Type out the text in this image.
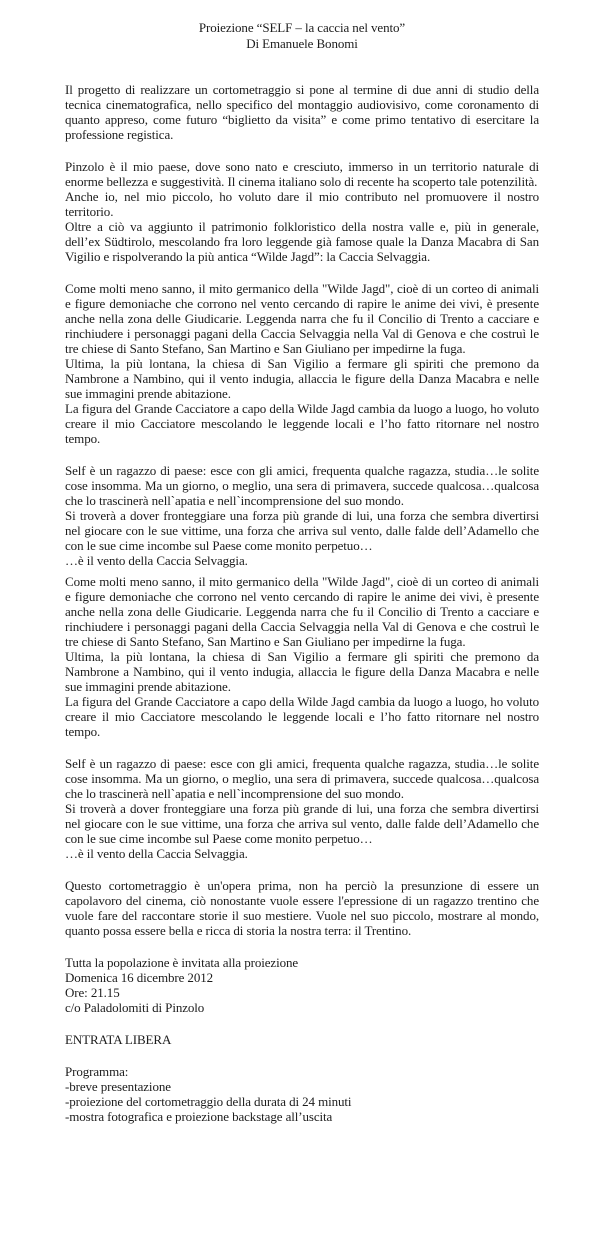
Proiezione “SELF – la caccia nel vento”
Di Emanuele Bonomi

Il progetto di realizzare un cortometraggio si pone al termine di due anni di studio della tecnica cinematografica, nello specifico del montaggio audiovisivo, come coronamento di quanto appreso, come futuro “biglietto da visita” e come primo tentativo di esercitare la professione registica.

Pinzolo è il mio paese, dove sono nato e cresciuto, immerso in un territorio naturale di enorme bellezza e suggestività. Il cinema italiano solo di recente ha scoperto tale potenzilità.

Anche io, nel mio piccolo, ho voluto dare il mio contributo nel promuovere il nostro territorio.

Oltre a ciò va aggiunto il patrimonio folkloristico della nostra valle e, più in generale, dell’ex Südtirolo, mescolando fra loro leggende già famose quale la Danza Macabra di San Vigilio e rispolverando la più antica “Wilde Jagd”: la Caccia Selvaggia.

Come molti meno sanno, il mito germanico della "Wilde Jagd", cioè di un corteo di animali e figure demoniache che corrono nel vento cercando di rapire le anime dei vivi, è presente anche nella zona delle Giudicarie. Leggenda narra che fu il Concilio di Trento a cacciare e rinchiudere i personaggi pagani della Caccia Selvaggia nella Val di Genova e che costruì le tre chiese di Santo Stefano, San Martino e San Giuliano per impedirne la fuga.

Ultima, la più lontana, la chiesa di San Vigilio a fermare gli spiriti che premono da Nambrone a Nambino, qui il vento indugia, allaccia le figure della Danza Macabra e nelle sue immagini prende abitazione.

La figura del Grande Cacciatore a capo della Wilde Jagd cambia da luogo a luogo, ho voluto creare il mio Cacciatore mescolando le leggende locali e l’ho fatto ritornare nel nostro tempo.

Self è un ragazzo di paese: esce con gli amici, frequenta qualche ragazza, studia…le solite cose insomma. Ma un giorno, o meglio, una sera di primavera, succede qualcosa…qualcosa che lo trascinerà nell`apatia e nell`incomprensione del suo mondo.

Si troverà a dover fronteggiare una forza più grande di lui, una forza che sembra divertirsi nel giocare con le sue vittime, una forza che arriva sul vento, dalle falde dell’Adamello che con le sue cime incombe sul Paese come monito perpetuo…

…è il vento della Caccia Selvaggia.

Come molti meno sanno, il mito germanico della "Wilde Jagd", cioè di un corteo di animali e figure demoniache che corrono nel vento cercando di rapire le anime dei vivi, è presente anche nella zona delle Giudicarie. Leggenda narra che fu il Concilio di Trento a cacciare e rinchiudere i personaggi pagani della Caccia Selvaggia nella Val di Genova e che costruì le tre chiese di Santo Stefano, San Martino e San Giuliano per impedirne la fuga.

Ultima, la più lontana, la chiesa di San Vigilio a fermare gli spiriti che premono da Nambrone a Nambino, qui il vento indugia, allaccia le figure della Danza Macabra e nelle sue immagini prende abitazione.

La figura del Grande Cacciatore a capo della Wilde Jagd cambia da luogo a luogo, ho voluto creare il mio Cacciatore mescolando le leggende locali e l’ho fatto ritornare nel nostro tempo.

Self è un ragazzo di paese: esce con gli amici, frequenta qualche ragazza, studia…le solite cose insomma. Ma un giorno, o meglio, una sera di primavera, succede qualcosa…qualcosa che lo trascinerà nell`apatia e nell`incomprensione del suo mondo.

Si troverà a dover fronteggiare una forza più grande di lui, una forza che sembra divertirsi nel giocare con le sue vittime, una forza che arriva sul vento, dalle falde dell’Adamello che con le sue cime incombe sul Paese come monito perpetuo…

…è il vento della Caccia Selvaggia.

Questo cortometraggio è un'opera prima, non ha perciò la presunzione di essere un capolavoro del cinema, ciò nonostante vuole essere l'epressione di un ragazzo trentino che vuole fare del raccontare storie il suo mestiere. Vuole nel suo piccolo, mostrare al mondo, quanto possa essere bella e ricca di storia la nostra terra: il Trentino.

Tutta la popolazione è invitata alla proiezione

Domenica 16 dicembre 2012

Ore: 21.15

c/o Paladolomiti di Pinzolo

ENTRATA LIBERA

Programma:

-breve presentazione

-proiezione del cortometraggio della durata di 24 minuti

-mostra fotografica e proiezione backstage all’uscita
